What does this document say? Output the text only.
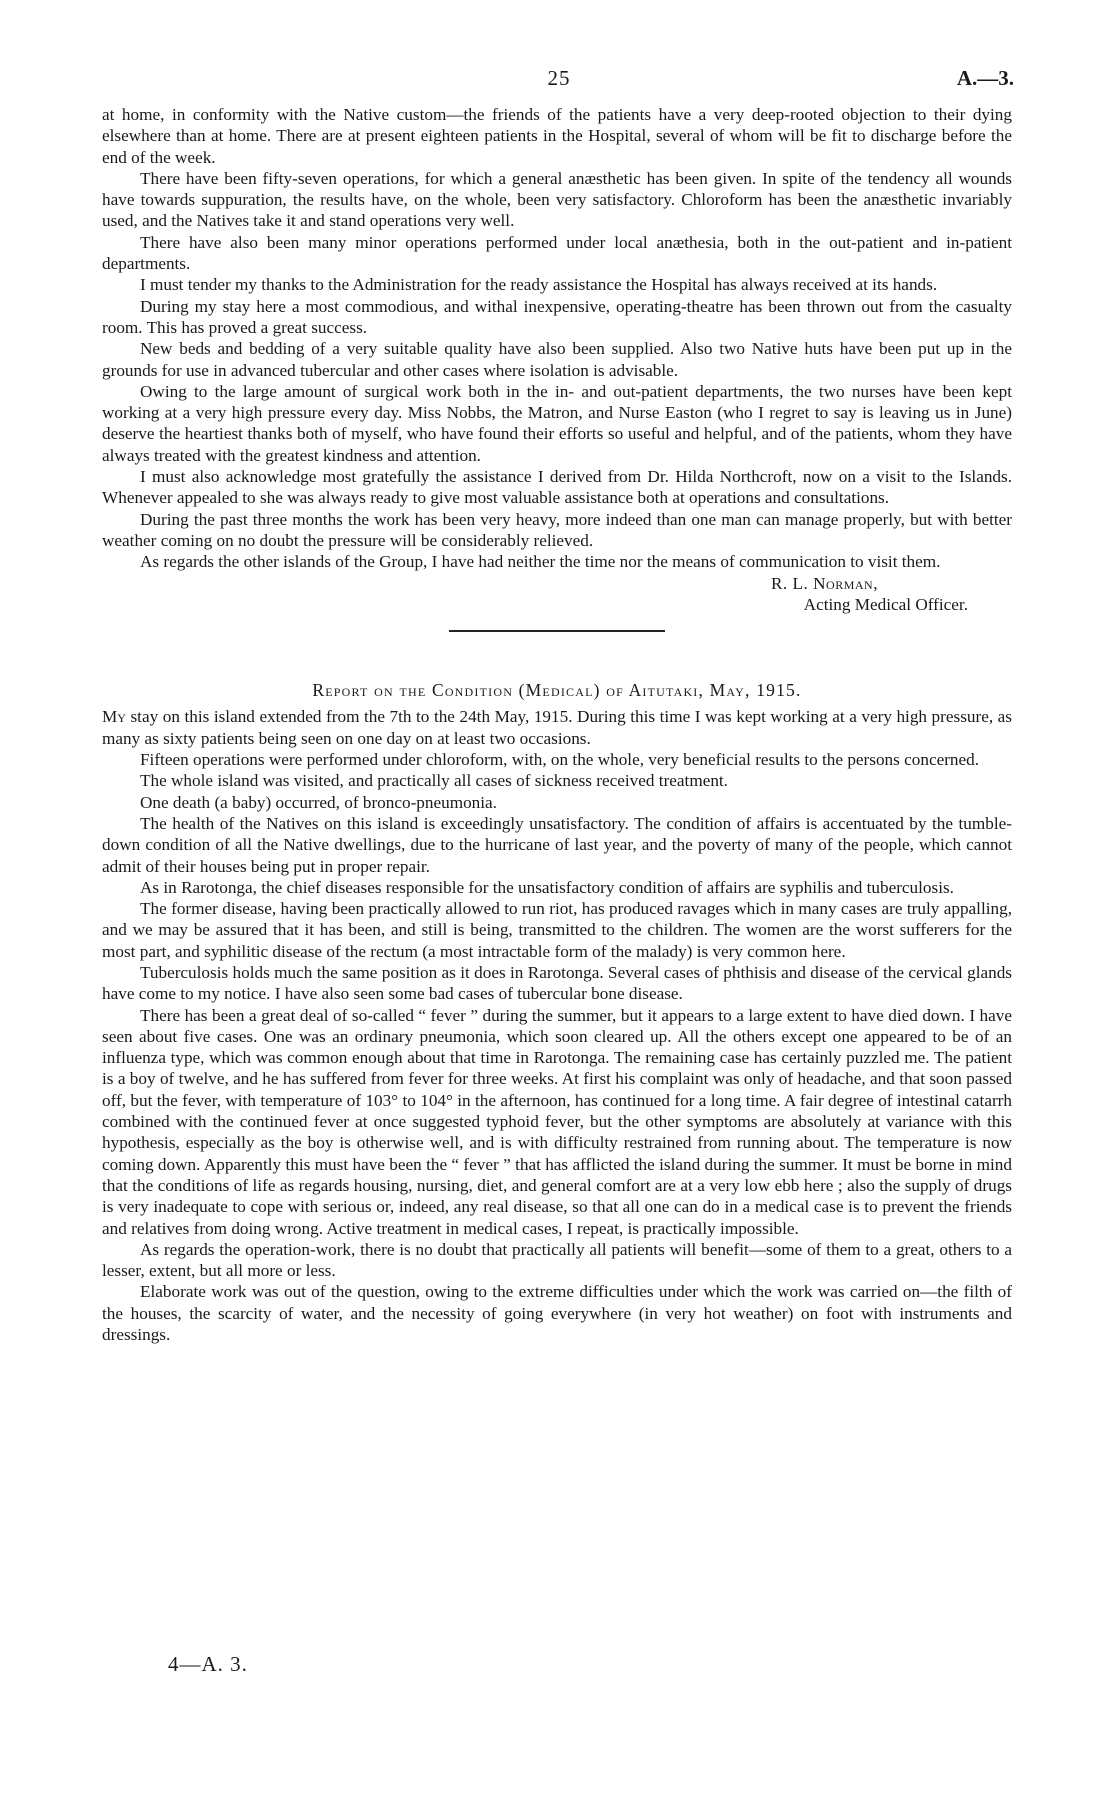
25	A.—3.

at home, in conformity with the Native custom—the friends of the patients have a very deep-rooted objection to their dying elsewhere than at home. There are at present eighteen patients in the Hospital, several of whom will be fit to discharge before the end of the week.

There have been fifty-seven operations, for which a general anæsthetic has been given. In spite of the tendency all wounds have towards suppuration, the results have, on the whole, been very satisfactory. Chloroform has been the anæsthetic invariably used, and the Natives take it and stand operations very well.

There have also been many minor operations performed under local anæthesia, both in the out-patient and in-patient departments.

I must tender my thanks to the Administration for the ready assistance the Hospital has always received at its hands.

During my stay here a most commodious, and withal inexpensive, operating-theatre has been thrown out from the casualty room. This has proved a great success.

New beds and bedding of a very suitable quality have also been supplied. Also two Native huts have been put up in the grounds for use in advanced tubercular and other cases where isolation is advisable.

Owing to the large amount of surgical work both in the in- and out-patient departments, the two nurses have been kept working at a very high pressure every day. Miss Nobbs, the Matron, and Nurse Easton (who I regret to say is leaving us in June) deserve the heartiest thanks both of myself, who have found their efforts so useful and helpful, and of the patients, whom they have always treated with the greatest kindness and attention.

I must also acknowledge most gratefully the assistance I derived from Dr. Hilda Northcroft, now on a visit to the Islands. Whenever appealed to she was always ready to give most valuable assistance both at operations and consultations.

During the past three months the work has been very heavy, more indeed than one man can manage properly, but with better weather coming on no doubt the pressure will be considerably relieved.

As regards the other islands of the Group, I have had neither the time nor the means of communication to visit them.

R. L. Norman,
Acting Medical Officer.
Report on the Condition (Medical) of Aitutaki, May, 1915.

My stay on this island extended from the 7th to the 24th May, 1915. During this time I was kept working at a very high pressure, as many as sixty patients being seen on one day on at least two occasions.

Fifteen operations were performed under chloroform, with, on the whole, very beneficial results to the persons concerned.

The whole island was visited, and practically all cases of sickness received treatment.

One death (a baby) occurred, of bronco-pneumonia.

The health of the Natives on this island is exceedingly unsatisfactory. The condition of affairs is accentuated by the tumble-down condition of all the Native dwellings, due to the hurricane of last year, and the poverty of many of the people, which cannot admit of their houses being put in proper repair.

As in Rarotonga, the chief diseases responsible for the unsatisfactory condition of affairs are syphilis and tuberculosis.

The former disease, having been practically allowed to run riot, has produced ravages which in many cases are truly appalling, and we may be assured that it has been, and still is being, transmitted to the children. The women are the worst sufferers for the most part, and syphilitic disease of the rectum (a most intractable form of the malady) is very common here.

Tuberculosis holds much the same position as it does in Rarotonga. Several cases of phthisis and disease of the cervical glands have come to my notice. I have also seen some bad cases of tubercular bone disease.

There has been a great deal of so-called “ fever ” during the summer, but it appears to a large extent to have died down. I have seen about five cases. One was an ordinary pneumonia, which soon cleared up. All the others except one appeared to be of an influenza type, which was common enough about that time in Rarotonga. The remaining case has certainly puzzled me. The patient is a boy of twelve, and he has suffered from fever for three weeks. At first his complaint was only of headache, and that soon passed off, but the fever, with temperature of 103° to 104° in the afternoon, has continued for a long time. A fair degree of intestinal catarrh combined with the continued fever at once suggested typhoid fever, but the other symptoms are absolutely at variance with this hypothesis, especially as the boy is otherwise well, and is with difficulty restrained from running about. The temperature is now coming down. Apparently this must have been the “ fever ” that has afflicted the island during the summer. It must be borne in mind that the conditions of life as regards housing, nursing, diet, and general comfort are at a very low ebb here ; also the supply of drugs is very inadequate to cope with serious or, indeed, any real disease, so that all one can do in a medical case is to prevent the friends and relatives from doing wrong. Active treatment in medical cases, I repeat, is practically impossible.

As regards the operation-work, there is no doubt that practically all patients will benefit—some of them to a great, others to a lesser, extent, but all more or less.

Elaborate work was out of the question, owing to the extreme difficulties under which the work was carried on—the filth of the houses, the scarcity of water, and the necessity of going everywhere (in very hot weather) on foot with instruments and dressings.

4—A. 3.
